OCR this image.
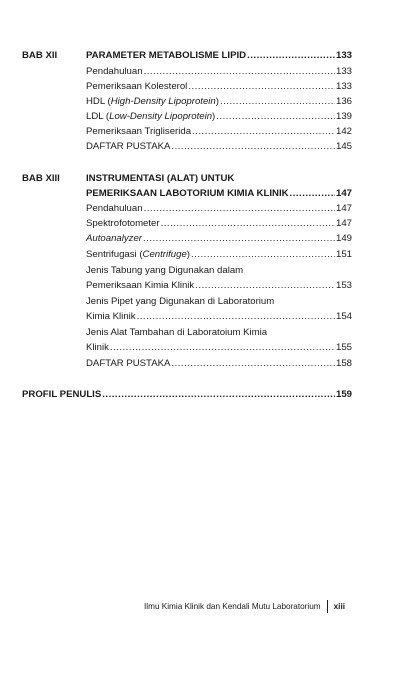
BAB XII	PARAMETER METABOLISME LIPID .....	133
Pendahuluan .....	133
Pemeriksaan Kolesterol .....	133
HDL (High-Density Lipoprotein) .....	136
LDL (Low-Density Lipoprotein) .....	139
Pemeriksaan Trigliserida .....	142
DAFTAR PUSTAKA .....	145
BAB XIII	INSTRUMENTASI (ALAT) UNTUK
PEMERIKSAAN LABOTORIUM KIMIA KLINIK .....	147
Pendahuluan .....	147
Spektrofotometer .....	147
Autoanalyzer .....	149
Sentrifugasi (Centrifuge) .....	151
Jenis Tabung yang Digunakan dalam
Pemeriksaan Kimia Klinik .....	153
Jenis Pipet yang Digunakan di Laboratorium
Kimia Klinik .....	154
Jenis Alat Tambahan di Laboratoium Kimia
Klinik .....	155
DAFTAR PUSTAKA .....	158
PROFIL PENULIS .....	159
Ilmu Kimia Klinik dan Kendali Mutu Laboratorium xiii
